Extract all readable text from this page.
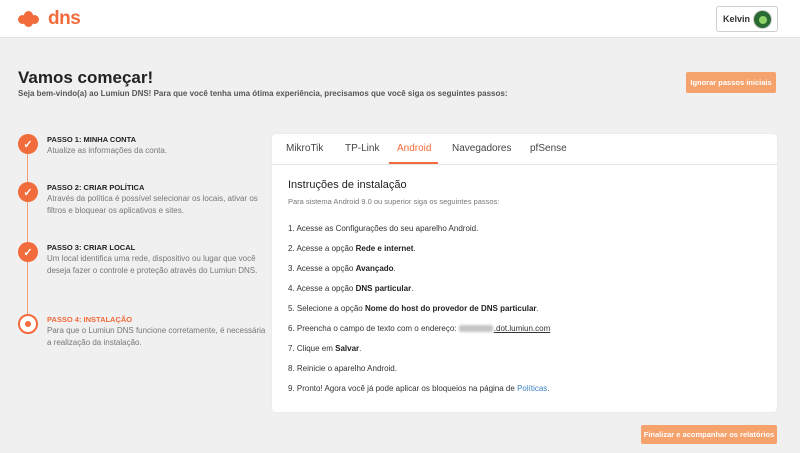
dns	Kelvin
Vamos começar!
Seja bem-vindo(a) ao Lumiun DNS! Para que você tenha uma ótima experiência, precisamos que você siga os seguintes passos:
Ignorar passos iniciais
✓	PASSO 1: MINHA CONTA
Atualize as informações da conta.
✓	PASSO 2: CRIAR POLÍTICA
Através da política é possível selecionar os locais, ativar os filtros e bloquear os aplicativos e sites.
✓	PASSO 3: CRIAR LOCAL
Um local identifica uma rede, dispositivo ou lugar que você deseja fazer o controle e proteção através do Lumiun DNS.
PASSO 4: INSTALAÇÃO
Para que o Lumiun DNS funcione corretamente, é necessária a realização da instalação.
MikroTik TP-Link Android Navegadores pfSense
Instruções de instalação
Para sistema Android 9.0 ou superior siga os seguintes passos:
1. Acesse as Configurações do seu aparelho Android.
2. Acesse a opção Rede e internet.
3. Acesse a opção Avançado.
4. Acesse a opção DNS particular.
5. Selecione a opção Nome do host do provedor de DNS particular.
6. Preencha o campo de texto com o endereço:	.dot.lumiun.com
7. Clique em Salvar.
8. Reinicie o aparelho Android.
9. Pronto! Agora você já pode aplicar os bloqueios na página de Políticas.
Finalizar e acompanhar os relatórios
